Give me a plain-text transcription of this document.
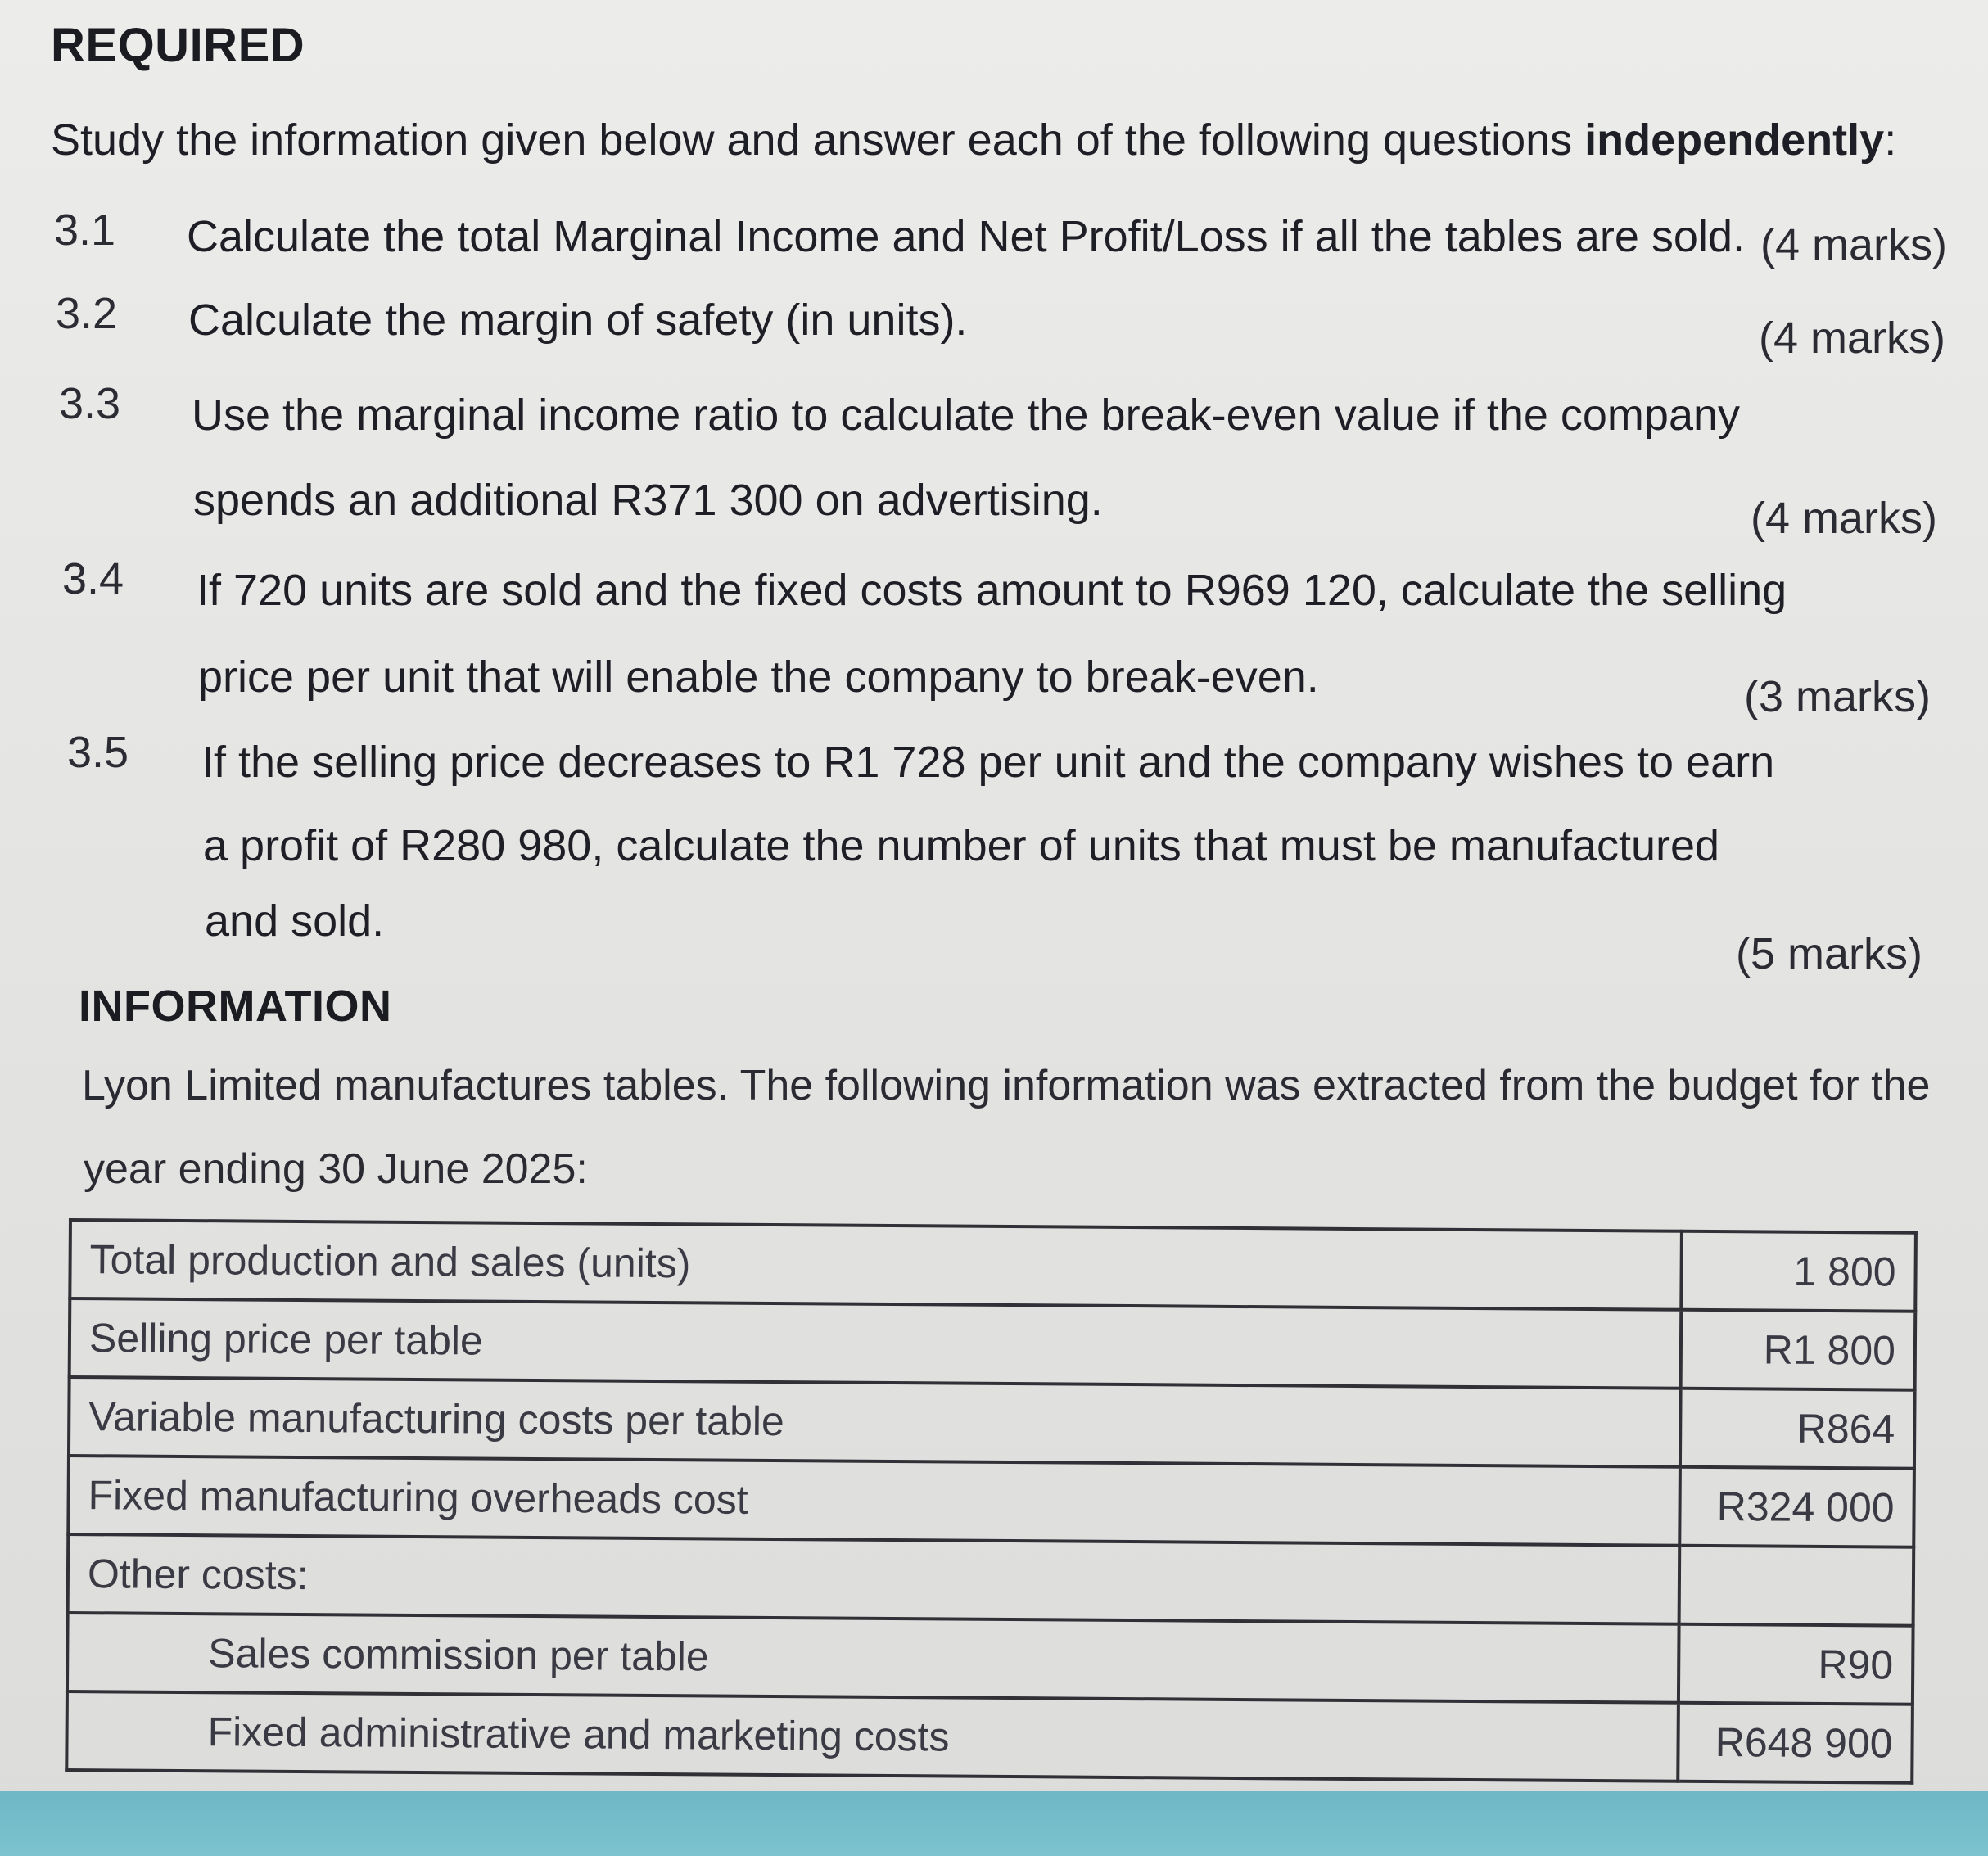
REQUIRED
Study the information given below and answer each of the following questions independently:
3.1 Calculate the total Marginal Income and Net Profit/Loss if all the tables are sold. (4 marks)
3.2 Calculate the margin of safety (in units).	(4 marks)
3.3 Use the marginal income ratio to calculate the break-even value if the company
spends an additional R371 300 on advertising.	(4 marks)
3.4 If 720 units are sold and the fixed costs amount to R969 120, calculate the selling
price per unit that will enable the company to break-even.	(3 marks)
3.5 If the selling price decreases to R1 728 per unit and the company wishes to earn
a profit of R280 980, calculate the number of units that must be manufactured
and sold.
(5 marks)
INFORMATION
Lyon Limited manufactures tables. The following information was extracted from the budget for the
year ending 30 June 2025:
Total production and sales (units)	1 800
Selling price per table	R1 800
Variable manufacturing costs per table	R864
Fixed manufacturing overheads cost	R324 000
Other costs:	
Sales commission per table	R90
Fixed administrative and marketing costs	R648 900
